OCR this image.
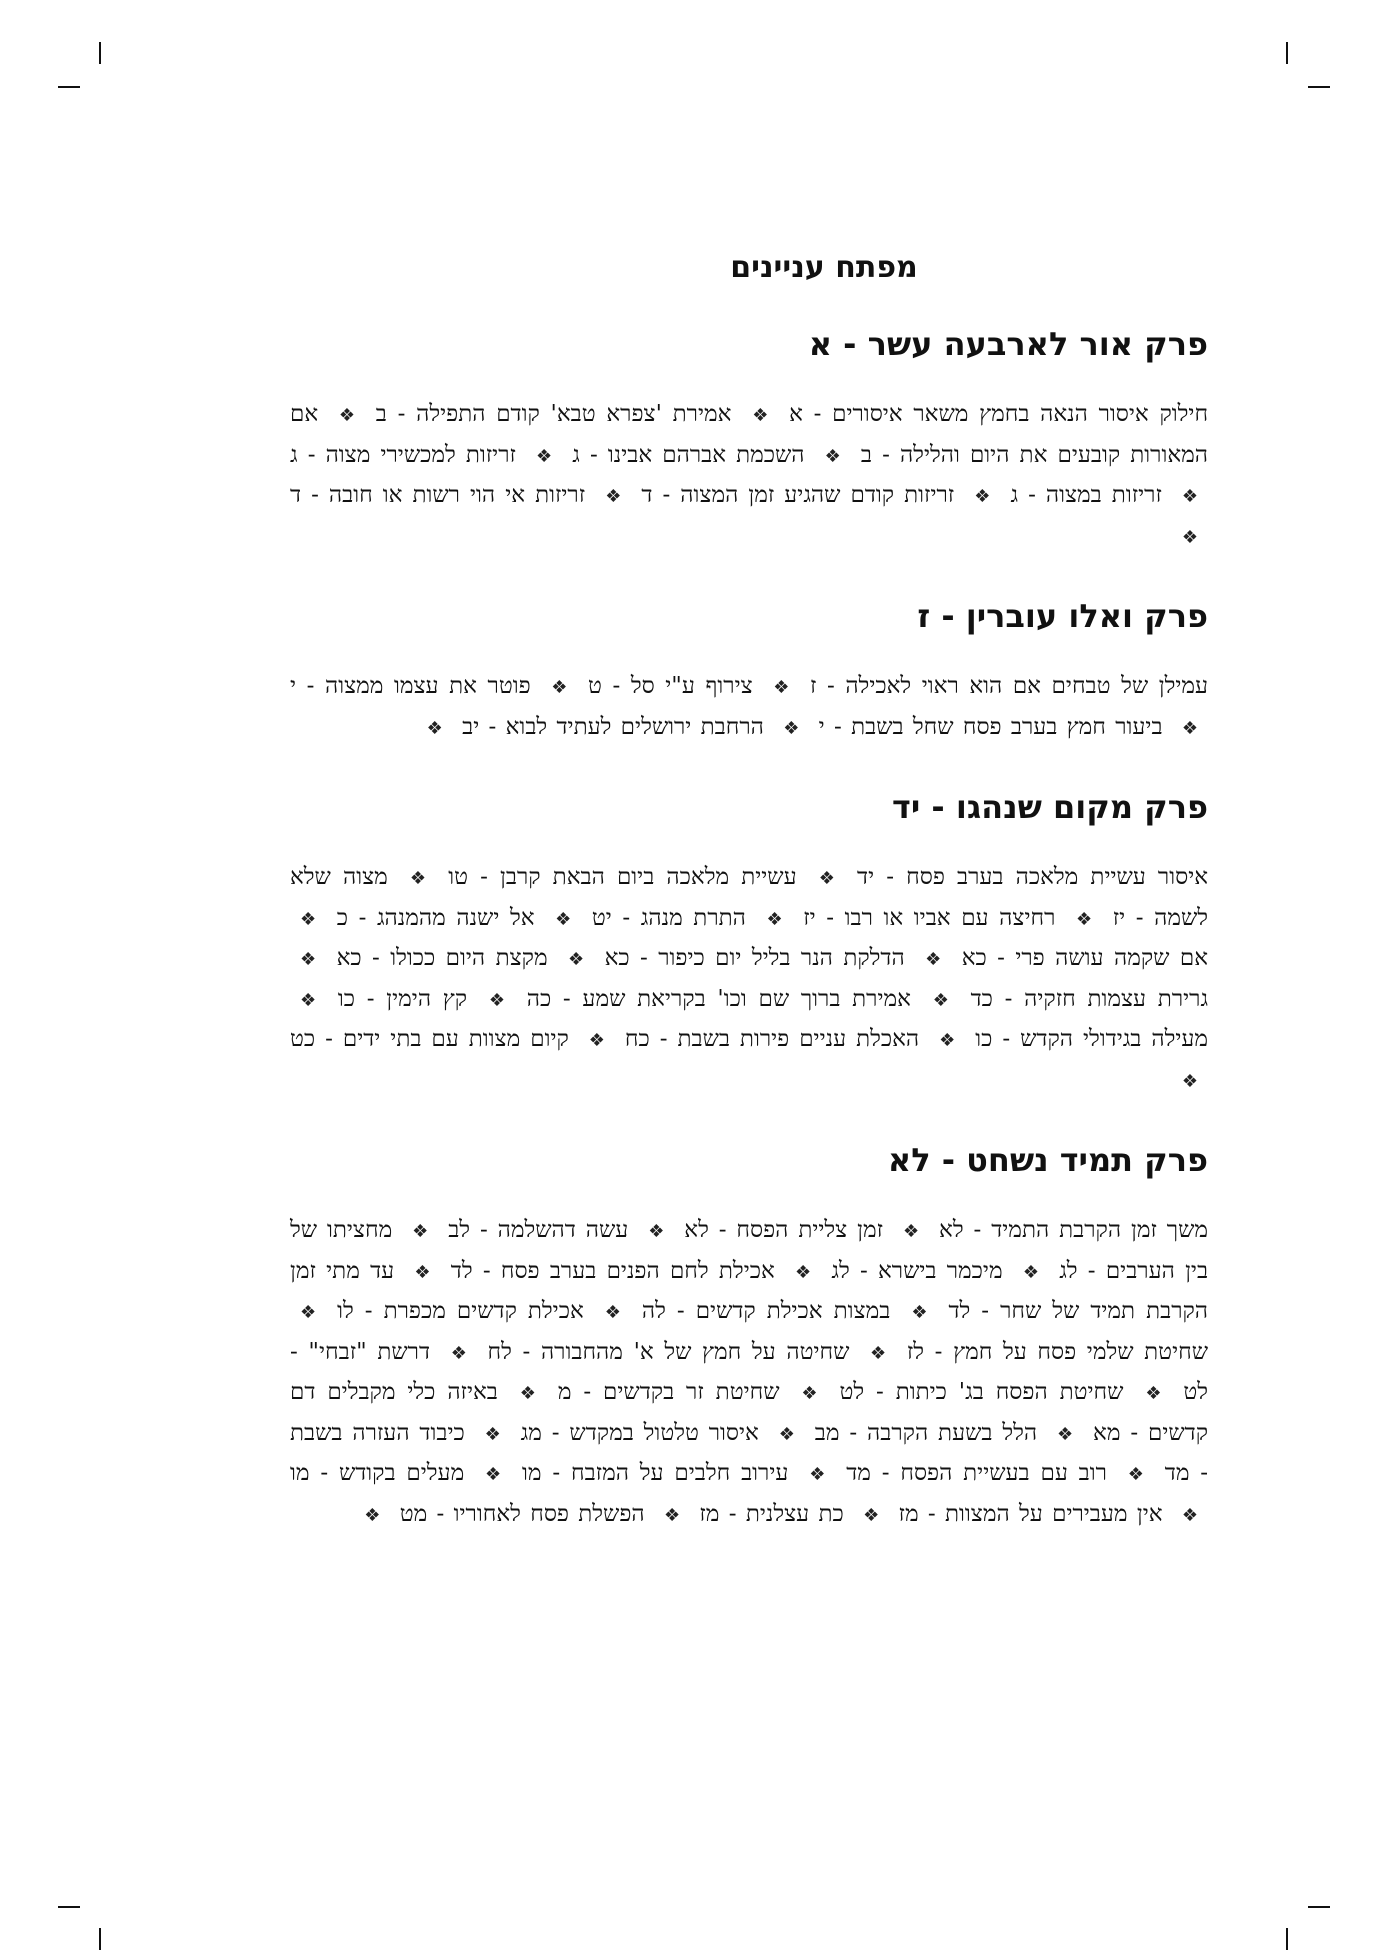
מפתח עניינים
פרק אור לארבעה עשר - א
חילוק איסור הנאה בחמץ משאר איסורים - א ❖ אמירת 'צפרא טבא' קודם התפילה - ב ❖ אם המאורות קובעים את היום והלילה - ב ❖ השכמת אברהם אבינו - ג ❖ זריזות למכשירי מצוה - ג ❖ זריזות במצוה - ג ❖ זריזות קודם שהגיע זמן המצוה - ד ❖ זריזות אי הוי רשות או חובה - ד ❖
פרק ואלו עוברין - ז
עמילן של טבחים אם הוא ראוי לאכילה - ז ❖ צירוף ע"י סל - ט ❖ פוטר את עצמו ממצוה - י ❖ ביעור חמץ בערב פסח שחל בשבת - י ❖ הרחבת ירושלים לעתיד לבוא - יב ❖
פרק מקום שנהגו - יד
איסור עשיית מלאכה בערב פסח - יד ❖ עשיית מלאכה ביום הבאת קרבן - טו ❖ מצוה שלא לשמה - יז ❖ רחיצה עם אביו או רבו - יז ❖ התרת מנהג - יט ❖ אל ישנה מהמנהג - כ ❖ אם שקמה עושה פרי - כא ❖ הדלקת הנר בליל יום כיפור - כא ❖ מקצת היום ככולו - כא ❖ גרירת עצמות חזקיה - כד ❖ אמירת ברוך שם וכו' בקריאת שמע - כה ❖ קץ הימין - כו ❖ מעילה בגידולי הקדש - כו ❖ האכלת עניים פירות בשבת - כח ❖ קיום מצוות עם בתי ידים - כט ❖
פרק תמיד נשחט - לא
משך זמן הקרבת התמיד - לא ❖ זמן צליית הפסח - לא ❖ עשה דהשלמה - לב ❖ מחציתו של בין הערבים - לג ❖ מיכמר בישרא - לג ❖ אכילת לחם הפנים בערב פסח - לד ❖ עד מתי זמן הקרבת תמיד של שחר - לד ❖ במצות אכילת קדשים - לה ❖ אכילת קדשים מכפרת - לו ❖ שחיטת שלמי פסח על חמץ - לז ❖ שחיטה על חמץ של א' מהחבורה - לח ❖ דרשת "זבחי" - לט ❖ שחיטת הפסח בג' כיתות - לט ❖ שחיטת זר בקדשים - מ ❖ באיזה כלי מקבלים דם קדשים - מא ❖ הלל בשעת הקרבה - מב ❖ איסור טלטול במקדש - מג ❖ כיבוד העזרה בשבת - מד ❖ רוב עם בעשיית הפסח - מד ❖ עירוב חלבים על המזבח - מו ❖ מעלים בקודש - מו ❖ אין מעבירים על המצוות - מז ❖ כת עצלנית - מז ❖ הפשלת פסח לאחוריו - מט ❖
